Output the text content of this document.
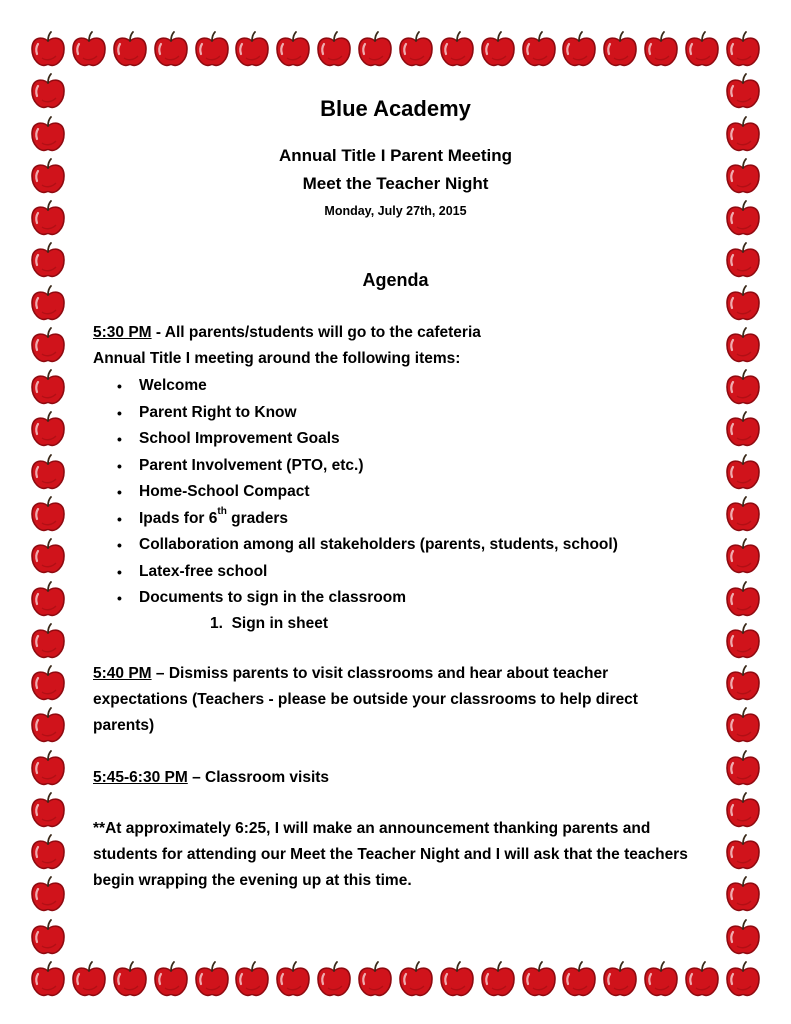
Blue Academy
Annual Title I Parent Meeting
Meet the Teacher Night
Monday, July 27th, 2015
Agenda
5:30 PM - All parents/students will go to the cafeteria
Annual Title I meeting around the following items:
• Welcome
• Parent Right to Know
• School Improvement Goals
• Parent Involvement (PTO, etc.)
• Home-School Compact
• Ipads for 6th graders
• Collaboration among all stakeholders (parents, students, school)
• Latex-free school
• Documents to sign in the classroom
1. Sign in sheet
5:40 PM – Dismiss parents to visit classrooms and hear about teacher expectations (Teachers - please be outside your classrooms to help direct parents)
5:45-6:30 PM – Classroom visits
**At approximately 6:25, I will make an announcement thanking parents and students for attending our Meet the Teacher Night and I will ask that the teachers begin wrapping the evening up at this time.
